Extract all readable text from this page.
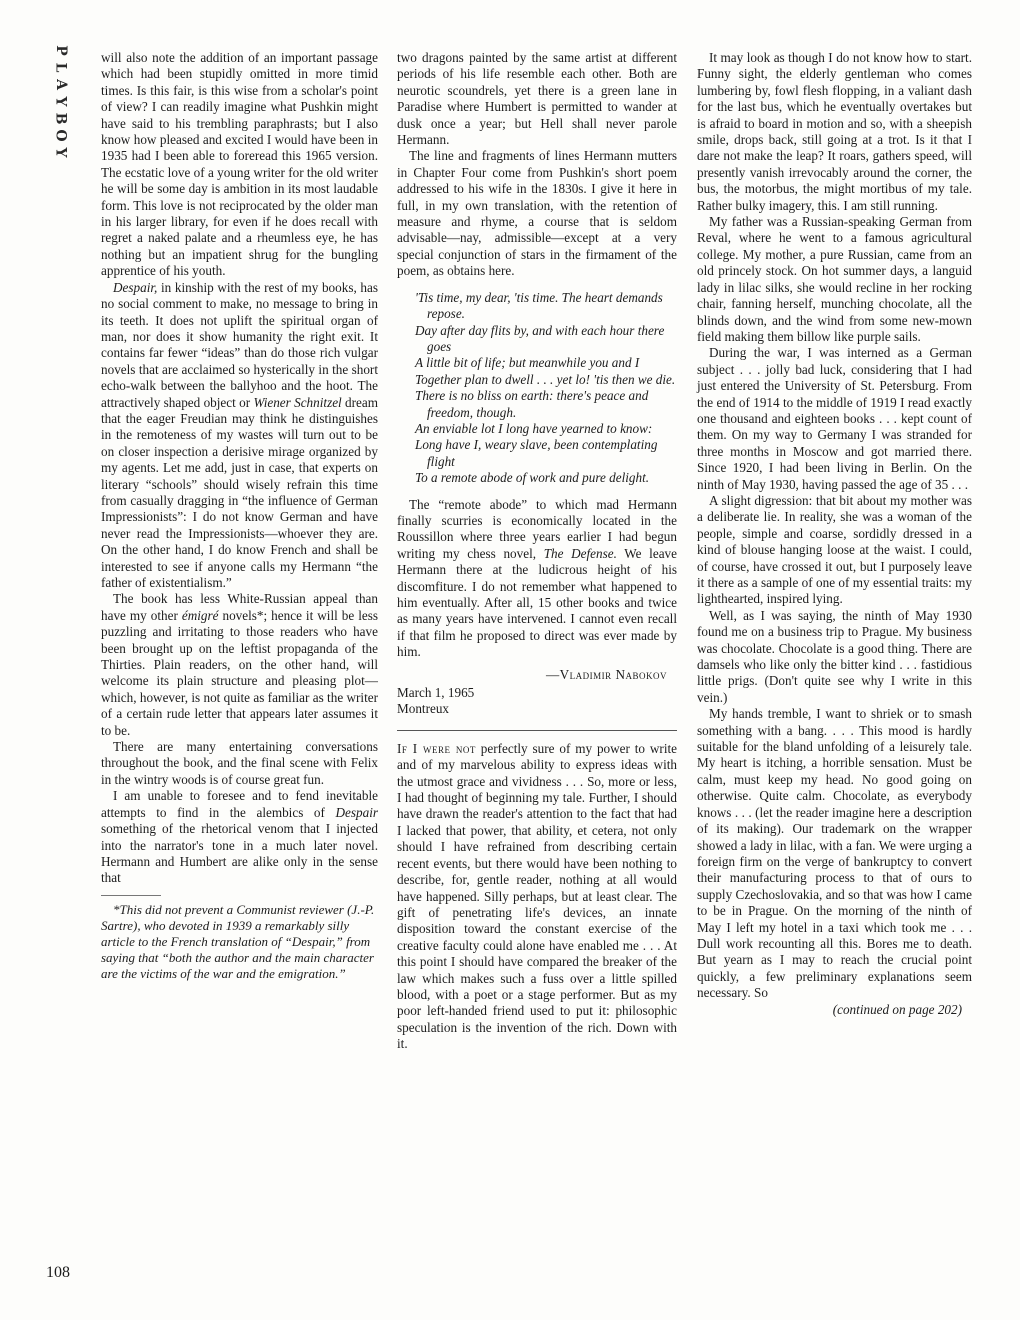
P
L
A
Y
B
O
Y
108

will also note the addition of an important passage which had been stupidly omitted in more timid times. Is this fair, is this wise from a scholar's point of view? I can readily imagine what Pushkin might have said to his trembling paraphrasts; but I also know how pleased and excited I would have been in 1935 had I been able to foreread this 1965 version. The ecstatic love of a young writer for the old writer he will be some day is ambition in its most laudable form. This love is not reciprocated by the older man in his larger library, for even if he does recall with regret a naked palate and a rheumless eye, he has nothing but an impatient shrug for the bungling apprentice of his youth.

Despair, in kinship with the rest of my books, has no social comment to make, no message to bring in its teeth. It does not uplift the spiritual organ of man, nor does it show humanity the right exit. It contains far fewer “ideas” than do those rich vulgar novels that are acclaimed so hysterically in the short echo-walk between the ballyhoo and the hoot. The attractively shaped object or Wiener Schnitzel dream that the eager Freudian may think he distinguishes in the remoteness of my wastes will turn out to be on closer inspection a derisive mirage organized by my agents. Let me add, just in case, that experts on literary “schools” should wisely refrain this time from casually dragging in “the influence of German Impressionists”: I do not know German and have never read the Impressionists—whoever they are. On the other hand, I do know French and shall be interested to see if anyone calls my Hermann “the father of existentialism.”

The book has less White-Russian appeal than have my other émigré novels*; hence it will be less puzzling and irritating to those readers who have been brought up on the leftist propaganda of the Thirties. Plain readers, on the other hand, will welcome its plain structure and pleasing plot—which, however, is not quite as familiar as the writer of a certain rude letter that appears later assumes it to be.

There are many entertaining conversations throughout the book, and the final scene with Felix in the wintry woods is of course great fun.

I am unable to foresee and to fend inevitable attempts to find in the alembics of Despair something of the rhetorical venom that I injected into the narrator's tone in a much later novel. Hermann and Humbert are alike only in the sense that

*This did not prevent a Communist reviewer (J.-P. Sartre), who devoted in 1939 a remarkably silly article to the French translation of “Despair,” from saying that “both the author and the main character are the victims of the war and the emigration.”

two dragons painted by the same artist at different periods of his life resemble each other. Both are neurotic scoundrels, yet there is a green lane in Paradise where Humbert is permitted to wander at dusk once a year; but Hell shall never parole Hermann.

The line and fragments of lines Hermann mutters in Chapter Four come from Pushkin's short poem addressed to his wife in the 1830s. I give it here in full, in my own translation, with the retention of measure and rhyme, a course that is seldom advisable—nay, admissible—except at a very special conjunction of stars in the firmament of the poem, as obtains here.

'Tis time, my dear, 'tis time. The heart demands repose.
Day after day flits by, and with each hour there goes
A little bit of life; but meanwhile you and I
Together plan to dwell . . . yet lo! 'tis then we die.
There is no bliss on earth: there's peace and freedom, though.
An enviable lot I long have yearned to know:
Long have I, weary slave, been contemplating flight
To a remote abode of work and pure delight.

The “remote abode” to which mad Hermann finally scurries is economically located in the Roussillon where three years earlier I had begun writing my chess novel, The Defense. We leave Hermann there at the ludicrous height of his discomfiture. I do not remember what happened to him eventually. After all, 15 other books and twice as many years have intervened. I cannot even recall if that film he proposed to direct was ever made by him.

—Vladimir Nabokov
March 1, 1965
Montreux

If I were not perfectly sure of my power to write and of my marvelous ability to express ideas with the utmost grace and vividness . . . So, more or less, I had thought of beginning my tale. Further, I should have drawn the reader's attention to the fact that had I lacked that power, that ability, et cetera, not only should I have refrained from describing certain recent events, but there would have been nothing to describe, for, gentle reader, nothing at all would have happened. Silly perhaps, but at least clear. The gift of penetrating life's devices, an innate disposition toward the constant exercise of the creative faculty could alone have enabled me . . . At this point I should have compared the breaker of the law which makes such a fuss over a little spilled blood, with a poet or a stage performer. But as my poor left-handed friend used to put it: philosophic speculation is the invention of the rich. Down with it.

It may look as though I do not know how to start. Funny sight, the elderly gentleman who comes lumbering by, fowl flesh flopping, in a valiant dash for the last bus, which he eventually overtakes but is afraid to board in motion and so, with a sheepish smile, drops back, still going at a trot. Is it that I dare not make the leap? It roars, gathers speed, will presently vanish irrevocably around the corner, the bus, the motorbus, the might mortibus of my tale. Rather bulky imagery, this. I am still running.

My father was a Russian-speaking German from Reval, where he went to a famous agricultural college. My mother, a pure Russian, came from an old princely stock. On hot summer days, a languid lady in lilac silks, she would recline in her rocking chair, fanning herself, munching chocolate, all the blinds down, and the wind from some new-mown field making them billow like purple sails.

During the war, I was interned as a German subject . . . jolly bad luck, considering that I had just entered the University of St. Petersburg. From the end of 1914 to the middle of 1919 I read exactly one thousand and eighteen books . . . kept count of them. On my way to Germany I was stranded for three months in Moscow and got married there. Since 1920, I had been living in Berlin. On the ninth of May 1930, having passed the age of 35 . . .

A slight digression: that bit about my mother was a deliberate lie. In reality, she was a woman of the people, simple and coarse, sordidly dressed in a kind of blouse hanging loose at the waist. I could, of course, have crossed it out, but I purposely leave it there as a sample of one of my essential traits: my lighthearted, inspired lying.

Well, as I was saying, the ninth of May 1930 found me on a business trip to Prague. My business was chocolate. Chocolate is a good thing. There are damsels who like only the bitter kind . . . fastidious little prigs. (Don't quite see why I write in this vein.)

My hands tremble, I want to shriek or to smash something with a bang. . . . This mood is hardly suitable for the bland unfolding of a leisurely tale. My heart is itching, a horrible sensation. Must be calm, must keep my head. No good going on otherwise. Quite calm. Chocolate, as everybody knows . . . (let the reader imagine here a description of its making). Our trademark on the wrapper showed a lady in lilac, with a fan. We were urging a foreign firm on the verge of bankruptcy to convert their manufacturing process to that of ours to supply Czechoslovakia, and so that was how I came to be in Prague. On the morning of the ninth of May I left my hotel in a taxi which took me . . . Dull work recounting all this. Bores me to death. But yearn as I may to reach the crucial point quickly, a few preliminary explanations seem necessary. So

(continued on page 202)
